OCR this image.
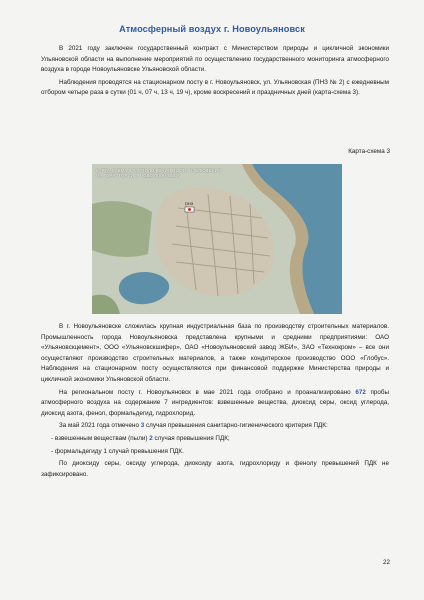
Атмосферный воздух г. Новоульяновск

В 2021 году заключен государственный контракт с Министерством природы и цикличной экономики Ульяновской области на выполнение мероприятий по осуществлению государственного мониторинга атмосферного воздуха в городе Новоульяновске Ульяновской области.

Наблюдения проводятся на стационарном посту в г. Новоульяновск, ул. Ульяновская (ПНЗ № 2) с ежедневным отбором четыре раза в сутки (01 ч, 07 ч, 13 ч, 19 ч), кроме воскресений и праздничных дней (карта-схема 3).

Карта-схема 3
ПНЗ
КАРТА-СХЕМА 3 РАСПОЛОЖЕНИЯ ПОСТА НАБЛЮДЕНИЯ
НА ТЕРРИТОРИИ Г. НОВОУЛЬЯНОВСК

В г. Новоульяновске сложилась крупная индустриальная база по производству строительных материалов. Промышленность города Новоульяновска представлена крупными и средними предприятиями: ОАО «Ульяновскцемент», ООО «Ульяновскшифер», ОАО «Новоульяновский завод ЖБИ», ЗАО «Технокром» – все они осуществляют производство строительных материалов, а также кондитерское производство ООО «Глобус». Наблюдения на стационарном посту осуществляются при финансовой поддержке Министерства природы и цикличной экономики Ульяновской области.

На региональном посту г. Новоульяновск в мае 2021 года отобрано и проанализировано 672 пробы атмосферного воздуха на содержание 7 ингредиентов: взвешенные вещества, диоксид серы, оксид углерода, диоксид азота, фенол, формальдегид, гидрохлорид.

За май 2021 года отмечено 3 случая превышения санитарно-гигиенического критерия ПДК:

- взвешенным веществам (пыли) 2 случая превышения ПДК;

- формальдегиду 1 случай превышения ПДК.

По диоксиду серы, оксиду углерода, диоксиду азота, гидрохлориду и фенолу превышений ПДК не зафиксировано.

22
